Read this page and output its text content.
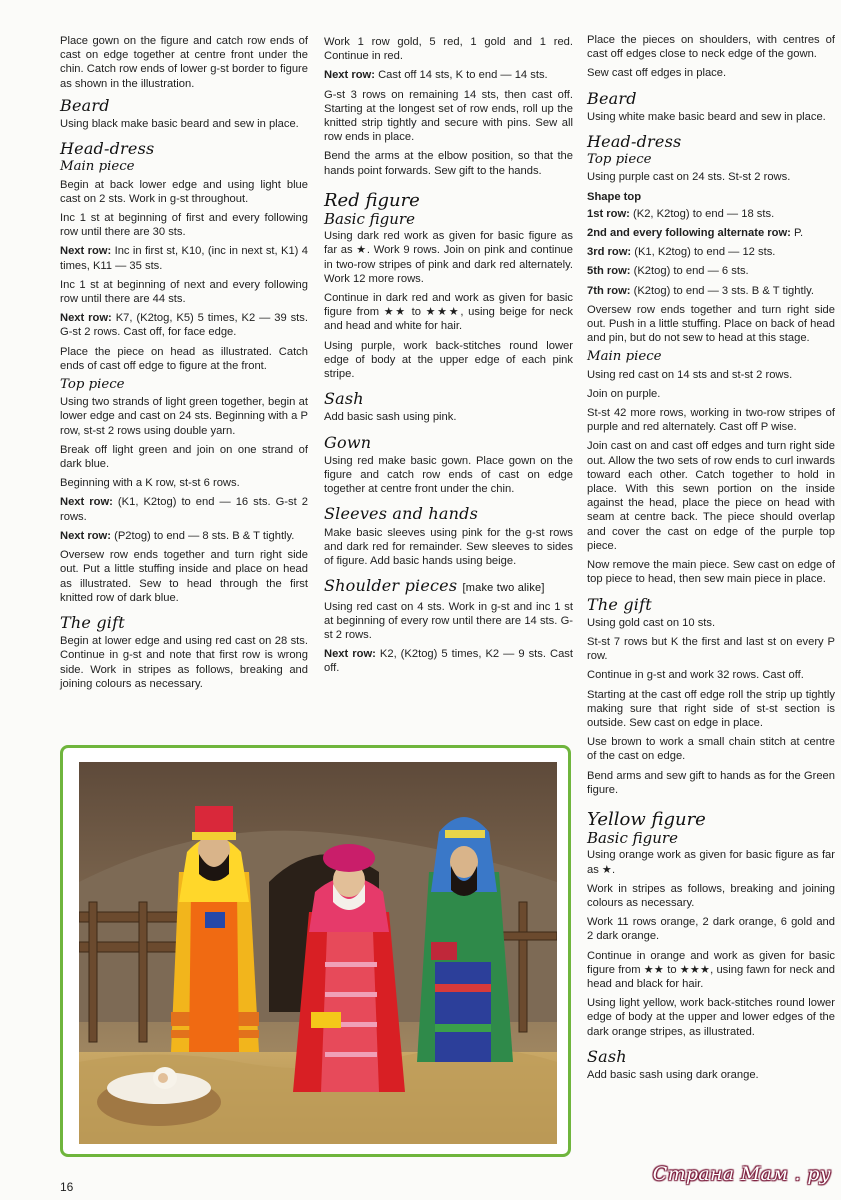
Place gown on the figure and catch row ends of cast on edge together at centre front under the chin. Catch row ends of lower g-st border to figure as shown in the illustration.

Beard

Using black make basic beard and sew in place.

Head-dress
Main piece

Begin at back lower edge and using light blue cast on 2 sts. Work in g-st throughout.

Inc 1 st at beginning of first and every following row until there are 30 sts.

Next row: Inc in first st, K10, (inc in next st, K1) 4 times, K11 — 35 sts.

Inc 1 st at beginning of next and every following row until there are 44 sts.

Next row: K7, (K2tog, K5) 5 times, K2 — 39 sts. G-st 2 rows. Cast off, for face edge.

Place the piece on head as illustrated. Catch ends of cast off edge to figure at the front.

Top piece

Using two strands of light green together, begin at lower edge and cast on 24 sts. Beginning with a P row, st-st 2 rows using double yarn.

Break off light green and join on one strand of dark blue.

Beginning with a K row, st-st 6 rows.

Next row: (K1, K2tog) to end — 16 sts. G-st 2 rows.

Next row: (P2tog) to end — 8 sts. B & T tightly.

Oversew row ends together and turn right side out. Put a little stuffing inside and place on head as illustrated. Sew to head through the first knitted row of dark blue.

The gift

Begin at lower edge and using red cast on 28 sts. Continue in g-st and note that first row is wrong side. Work in stripes as follows, breaking and joining colours as necessary.

Work 1 row gold, 5 red, 1 gold and 1 red. Continue in red.

Next row: Cast off 14 sts, K to end — 14 sts.

G-st 3 rows on remaining 14 sts, then cast off. Starting at the longest set of row ends, roll up the knitted strip tightly and secure with pins. Sew all row ends in place.

Bend the arms at the elbow position, so that the hands point forwards. Sew gift to the hands.

Red figure
Basic figure

Using dark red work as given for basic figure as far as ★. Work 9 rows. Join on pink and continue in two-row stripes of pink and dark red alternately. Work 12 more rows.

Continue in dark red and work as given for basic figure from ★★ to ★★★, using beige for neck and head and white for hair.

Using purple, work back-stitches round lower edge of body at the upper edge of each pink stripe.

Sash

Add basic sash using pink.

Gown

Using red make basic gown. Place gown on the figure and catch row ends of cast on edge together at centre front under the chin.

Sleeves and hands

Make basic sleeves using pink for the g-st rows and dark red for remainder. Sew sleeves to sides of figure. Add basic hands using beige.

Shoulder pieces [make two alike]

Using red cast on 4 sts. Work in g-st and inc 1 st at beginning of every row until there are 14 sts. G-st 2 rows.

Next row: K2, (K2tog) 5 times, K2 — 9 sts. Cast off.

Place the pieces on shoulders, with centres of cast off edges close to neck edge of the gown.

Sew cast off edges in place.

Beard

Using white make basic beard and sew in place.

Head-dress
Top piece

Using purple cast on 24 sts. St-st 2 rows.

Shape top

1st row: (K2, K2tog) to end — 18 sts.

2nd and every following alternate row: P.

3rd row: (K1, K2tog) to end — 12 sts.

5th row: (K2tog) to end — 6 sts.

7th row: (K2tog) to end — 3 sts. B & T tightly.

Oversew row ends together and turn right side out. Push in a little stuffing. Place on back of head and pin, but do not sew to head at this stage.

Main piece

Using red cast on 14 sts and st-st 2 rows.

Join on purple.

St-st 42 more rows, working in two-row stripes of purple and red alternately. Cast off P wise.

Join cast on and cast off edges and turn right side out. Allow the two sets of row ends to curl inwards toward each other. Catch together to hold in place. With this sewn portion on the inside against the head, place the piece on head with seam at centre back. The piece should overlap and cover the cast on edge of the purple top piece.

Now remove the main piece. Sew cast on edge of top piece to head, then sew main piece in place.

The gift

Using gold cast on 10 sts.

St-st 7 rows but K the first and last st on every P row.

Continue in g-st and work 32 rows. Cast off.

Starting at the cast off edge roll the strip up tightly making sure that right side of st-st section is outside. Sew cast on edge in place.

Use brown to work a small chain stitch at centre of the cast on edge.

Bend arms and sew gift to hands as for the Green figure.

Yellow figure
Basic figure

Using orange work as given for basic figure as far as ★.

Work in stripes as follows, breaking and joining colours as necessary.

Work 11 rows orange, 2 dark orange, 6 gold and 2 dark orange.

Continue in orange and work as given for basic figure from ★★ to ★★★, using fawn for neck and head and black for hair.

Using light yellow, work back-stitches round lower edge of body at the upper and lower edges of the dark orange stripes, as illustrated.

Sash

Add basic sash using dark orange.

16
Страна Мам . ру
